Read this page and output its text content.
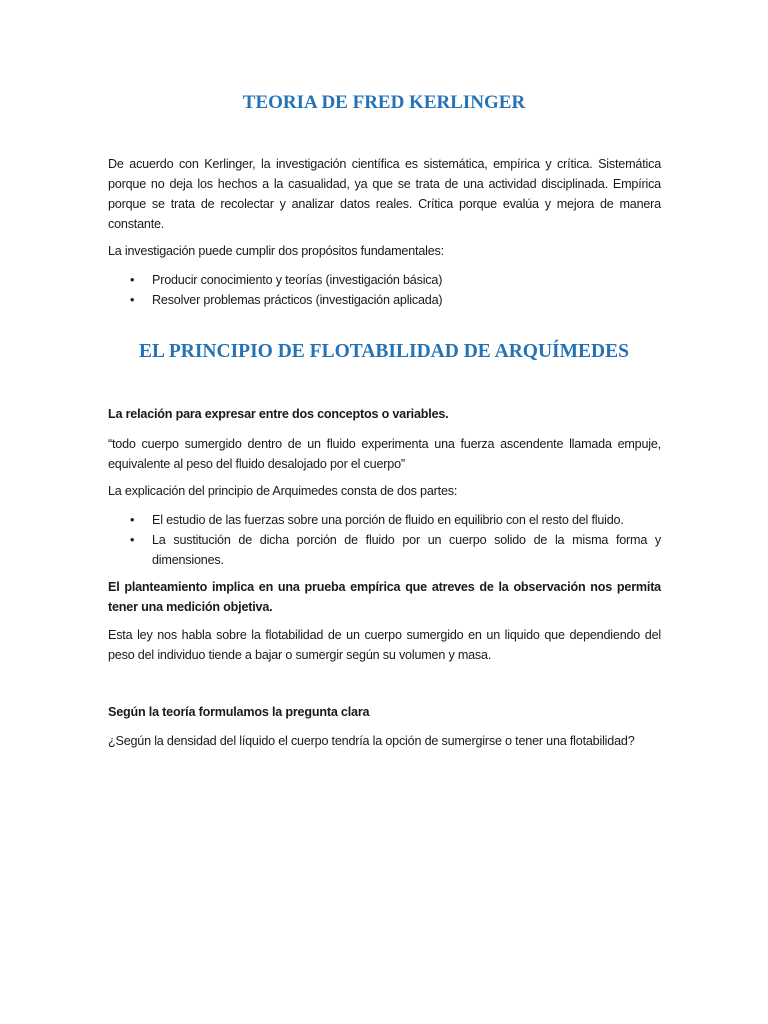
TEORIA DE FRED KERLINGER

De acuerdo con Kerlinger, la investigación científica es sistemática, empírica y crítica. Sistemática porque no deja los hechos a la casualidad, ya que se trata de una actividad disciplinada. Empírica porque se trata de recolectar y analizar datos reales. Crítica porque evalúa y mejora de manera constante.

La investigación puede cumplir dos propósitos fundamentales:

• Producir conocimiento y teorías (investigación básica)
• Resolver problemas prácticos (investigación aplicada)
EL PRINCIPIO DE FLOTABILIDAD DE ARQUÍMEDES

La relación para expresar entre dos conceptos o variables.

“todo cuerpo sumergido dentro de un fluido experimenta una fuerza ascendente llamada empuje, equivalente al peso del fluido desalojado por el cuerpo”

La explicación del principio de Arquimedes consta de dos partes:

• El estudio de las fuerzas sobre una porción de fluido en equilibrio con el resto del fluido.
• La sustitución de dicha porción de fluido por un cuerpo solido de la misma forma y dimensiones.

El planteamiento implica en una prueba empírica que atreves de la observación nos permita tener una medición objetiva.

Esta ley nos habla sobre la flotabilidad de un cuerpo sumergido en un liquido que dependiendo del peso del individuo tiende a bajar o sumergir según su volumen y masa.

Según la teoría formulamos la pregunta clara

¿Según la densidad del líquido el cuerpo tendría la opción de sumergirse o tener una flotabilidad?
